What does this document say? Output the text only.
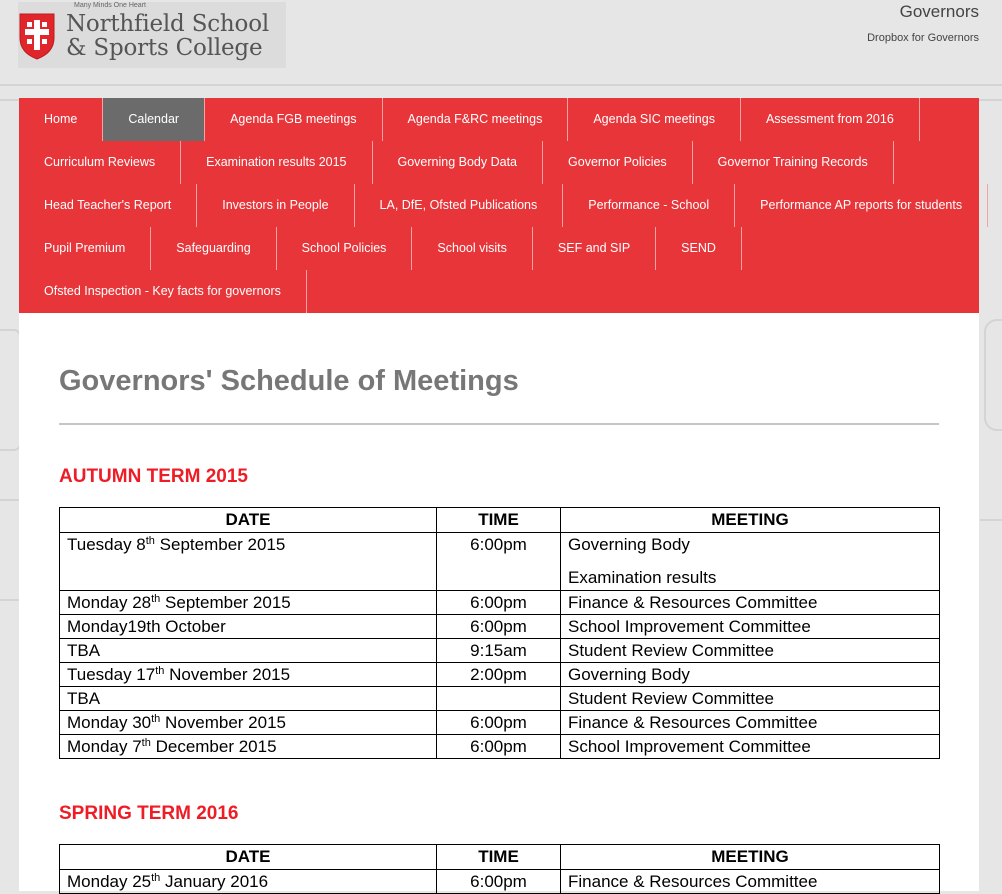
Many Minds One Heart
Northfield School
& Sports College
Governors
Dropbox for Governors
Home	Calendar	Agenda FGB meetings	Agenda F&RC meetings	Agenda SIC meetings	Assessment from 2016
Curriculum Reviews	Examination results 2015	Governing Body Data	Governor Policies	Governor Training Records
Head Teacher's Report	Investors in People	LA, DfE, Ofsted Publications	Performance - School	Performance AP reports for students
Pupil Premium	Safeguarding	School Policies	School visits	SEF and SIP	SEND
Ofsted Inspection - Key facts for governors
Governors' Schedule of Meetings
AUTUMN TERM 2015
DATE	TIME	MEETING
Tuesday 8th September 2015	6:00pm	Governing Body
Examination results

Monday 28th September 2015	6:00pm	Finance & Resources Committee
Monday19th October	6:00pm	School Improvement Committee
TBA	9:15am	Student Review Committee
Tuesday 17th November 2015	2:00pm	Governing Body
TBA		Student Review Committee
Monday 30th November 2015	6:00pm	Finance & Resources Committee
Monday 7th December 2015	6:00pm	School Improvement Committee
SPRING TERM 2016
DATE	TIME	MEETING
Monday 25th January 2016	6:00pm	Finance & Resources Committee
